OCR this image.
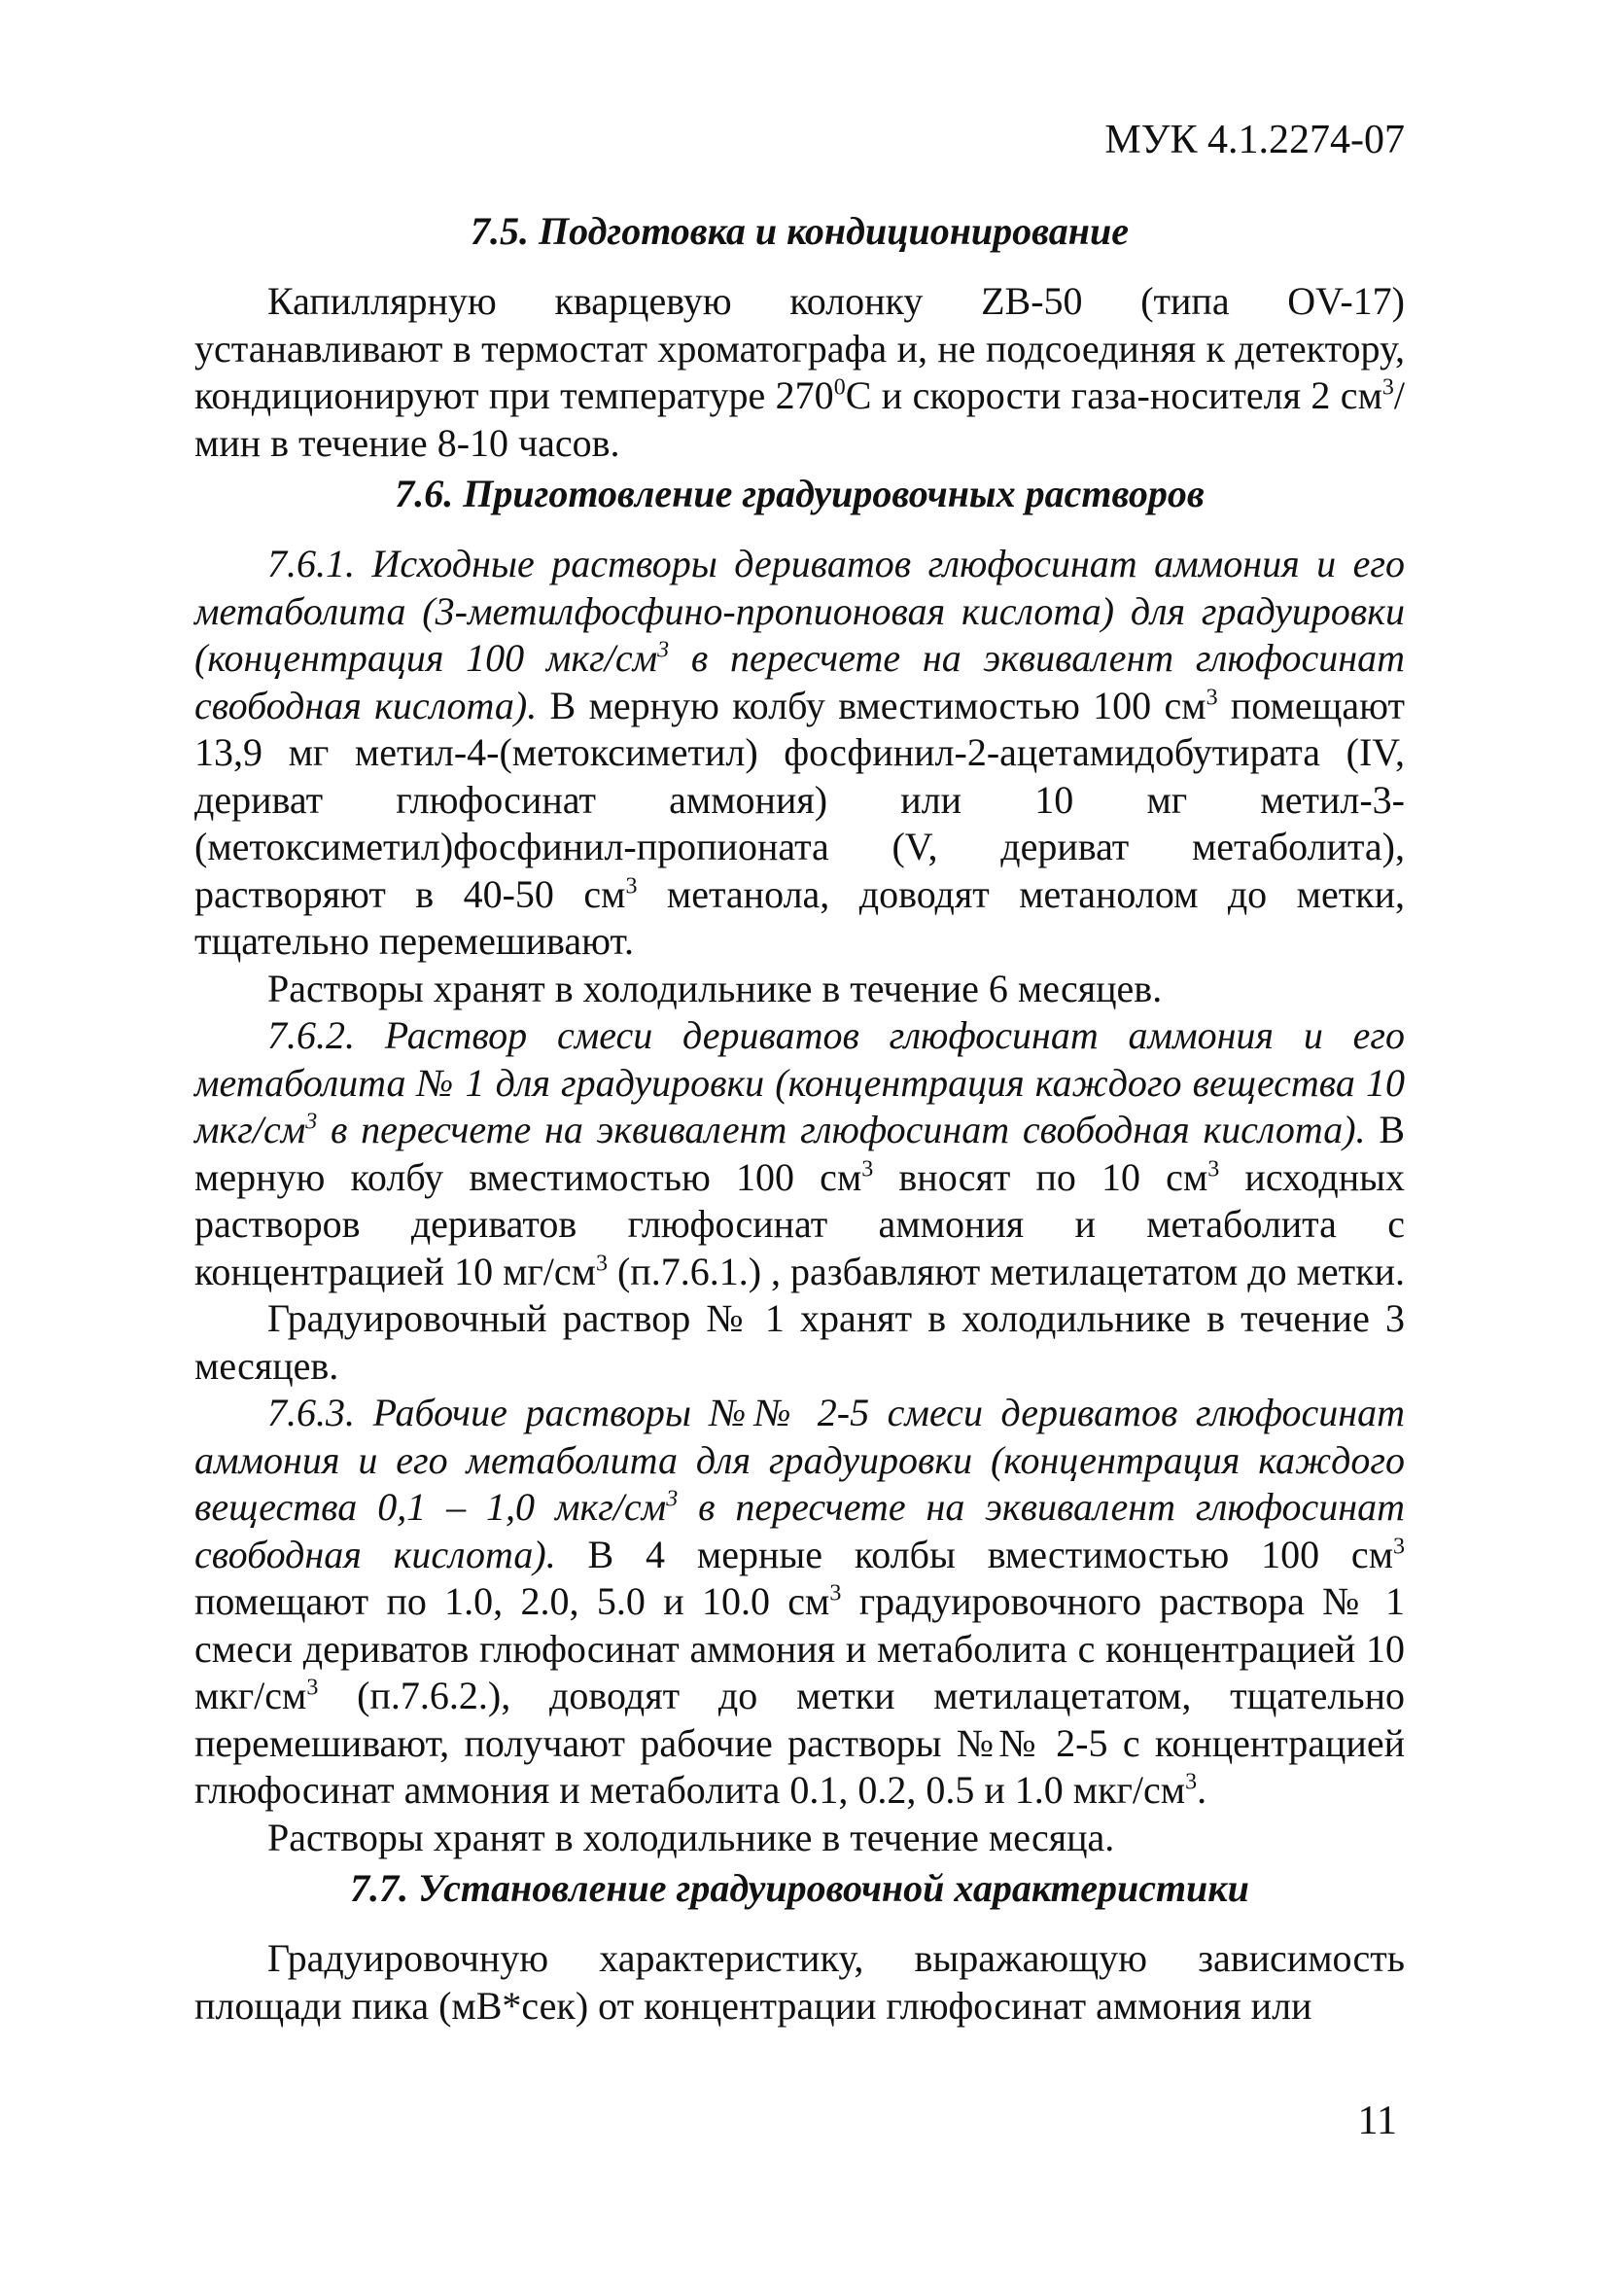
МУК 4.1.2274-07
7.5. Подготовка и кондиционирование

Капиллярную кварцевую колонку ZB-50 (типа OV-17) устанавливают в термостат хроматографа и, не подсоединяя к детектору, кондиционируют при температуре $270^0С$ и скорости газа-носителя 2 $см^3$/мин в течение 8-10 часов.

7.6. Приготовление градуировочных растворов

7.6.1. Исходные растворы дериватов глюфосинат аммония и его метаболита (3-метилфосфино-пропионовая кислота) для градуировки (концентрация 100 мкг/$см^3$ в пересчете на эквивалент глюфосинат свободная кислота). В мерную колбу вместимостью 100 $см^3$ помещают 13,9 мг метил-4-(метоксиметил) фосфинил-2-ацетамидобутирата (IV, дериват глюфосинат аммония) или 10 мг метил-3-(метоксиметил)фосфинил-пропионата (V, дериват метаболита), растворяют в 40-50 $см^3$ метанола, доводят метанолом до метки, тщательно перемешивают.

Растворы хранят в холодильнике в течение 6 месяцев.

7.6.2. Раствор смеси дериватов глюфосинат аммония и его метаболита № 1 для градуировки (концентрация каждого вещества 10 мкг/$см^3$ в пересчете на эквивалент глюфосинат свободная кислота). В мерную колбу вместимостью 100 $см^3$ вносят по 10 $см^3$ исходных растворов дериватов глюфосинат аммония и метаболита с концентрацией 10 $мг/см^3$ (п.7.6.1.) , разбавляют метилацетатом до метки.

Градуировочный раствор № 1 хранят в холодильнике в течение 3 месяцев.

7.6.3. Рабочие растворы №№ 2-5 смеси дериватов глюфосинат аммония и его метаболита для градуировки (концентрация каждого вещества 0,1 – 1,0 мкг/$см^3$ в пересчете на эквивалент глюфосинат свободная кислота). В 4 мерные колбы вместимостью 100 $см^3$ помещают по 1.0, 2.0, 5.0 и 10.0 $см^3$ градуировочного раствора № 1 смеси дериватов глюфосинат аммония и метаболита с концентрацией 10 мкг/$см^3$ (п.7.6.2.), доводят до метки метилацетатом, тщательно перемешивают, получают рабочие растворы №№ 2-5 с концентрацией глюфосинат аммония и метаболита 0.1, 0.2, 0.5 и 1.0 мкг/$см^3$.

Растворы хранят в холодильнике в течение месяца.

7.7. Установление градуировочной характеристики

Градуировочную характеристику, выражающую зависимость площади пика (мВ*сек) от концентрации глюфосинат аммония или

11
